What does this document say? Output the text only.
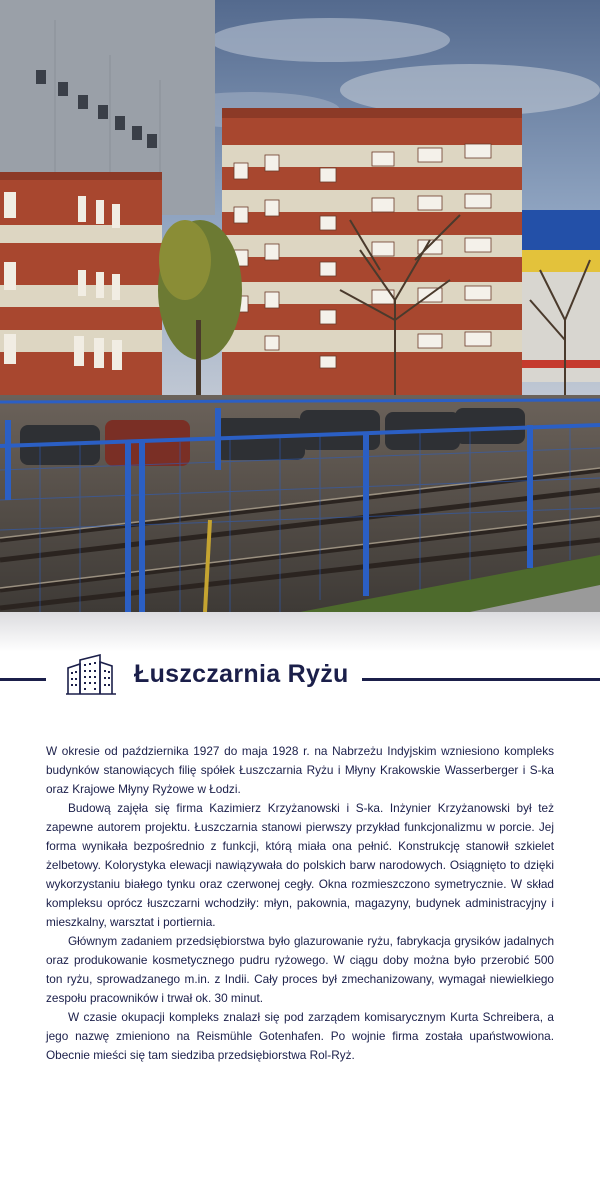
Łuszczarnia Ryżu

W okresie od października 1927 do maja 1928 r. na Nabrzeżu Indyjskim wzniesiono kompleks budynków stanowiących filię spółek Łuszczarnia Ryżu i Młyny Krakowskie Wasserberger i S-ka oraz Krajowe Młyny Ryżowe w Łodzi.

Budową zajęła się firma Kazimierz Krzyżanowski i S-ka. Inżynier Krzyżanowski był też zapewne autorem projektu. Łuszczarnia stanowi pierwszy przykład funkcjonalizmu w porcie. Jej forma wynikała bezpośrednio z funkcji, którą miała ona pełnić. Konstrukcję stanowił szkielet żelbetowy. Kolorystyka elewacji nawiązywała do polskich barw narodowych. Osiągnięto to dzięki wykorzystaniu białego tynku oraz czerwonej cegły. Okna rozmieszczono symetrycznie. W skład kompleksu oprócz łuszczarni wchodziły: młyn, pakownia, magazyny, budynek administracyjny i mieszkalny, warsztat i portiernia.

Głównym zadaniem przedsiębiorstwa było glazurowanie ryżu, fabrykacja grysików jadalnych oraz produkowanie kosmetycznego pudru ryżowego. W ciągu doby można było przerobić 500 ton ryżu, sprowadzanego m.in. z Indii. Cały proces był zmechanizowany, wymagał niewielkiego zespołu pracowników i trwał ok. 30 minut.

W czasie okupacji kompleks znalazł się pod zarządem komisarycznym Kurta Schreibera, a jego nazwę zmieniono na Reismühle Gotenhafen. Po wojnie firma została upaństwowiona. Obecnie mieści się tam siedziba przedsiębiorstwa Rol-Ryż.
